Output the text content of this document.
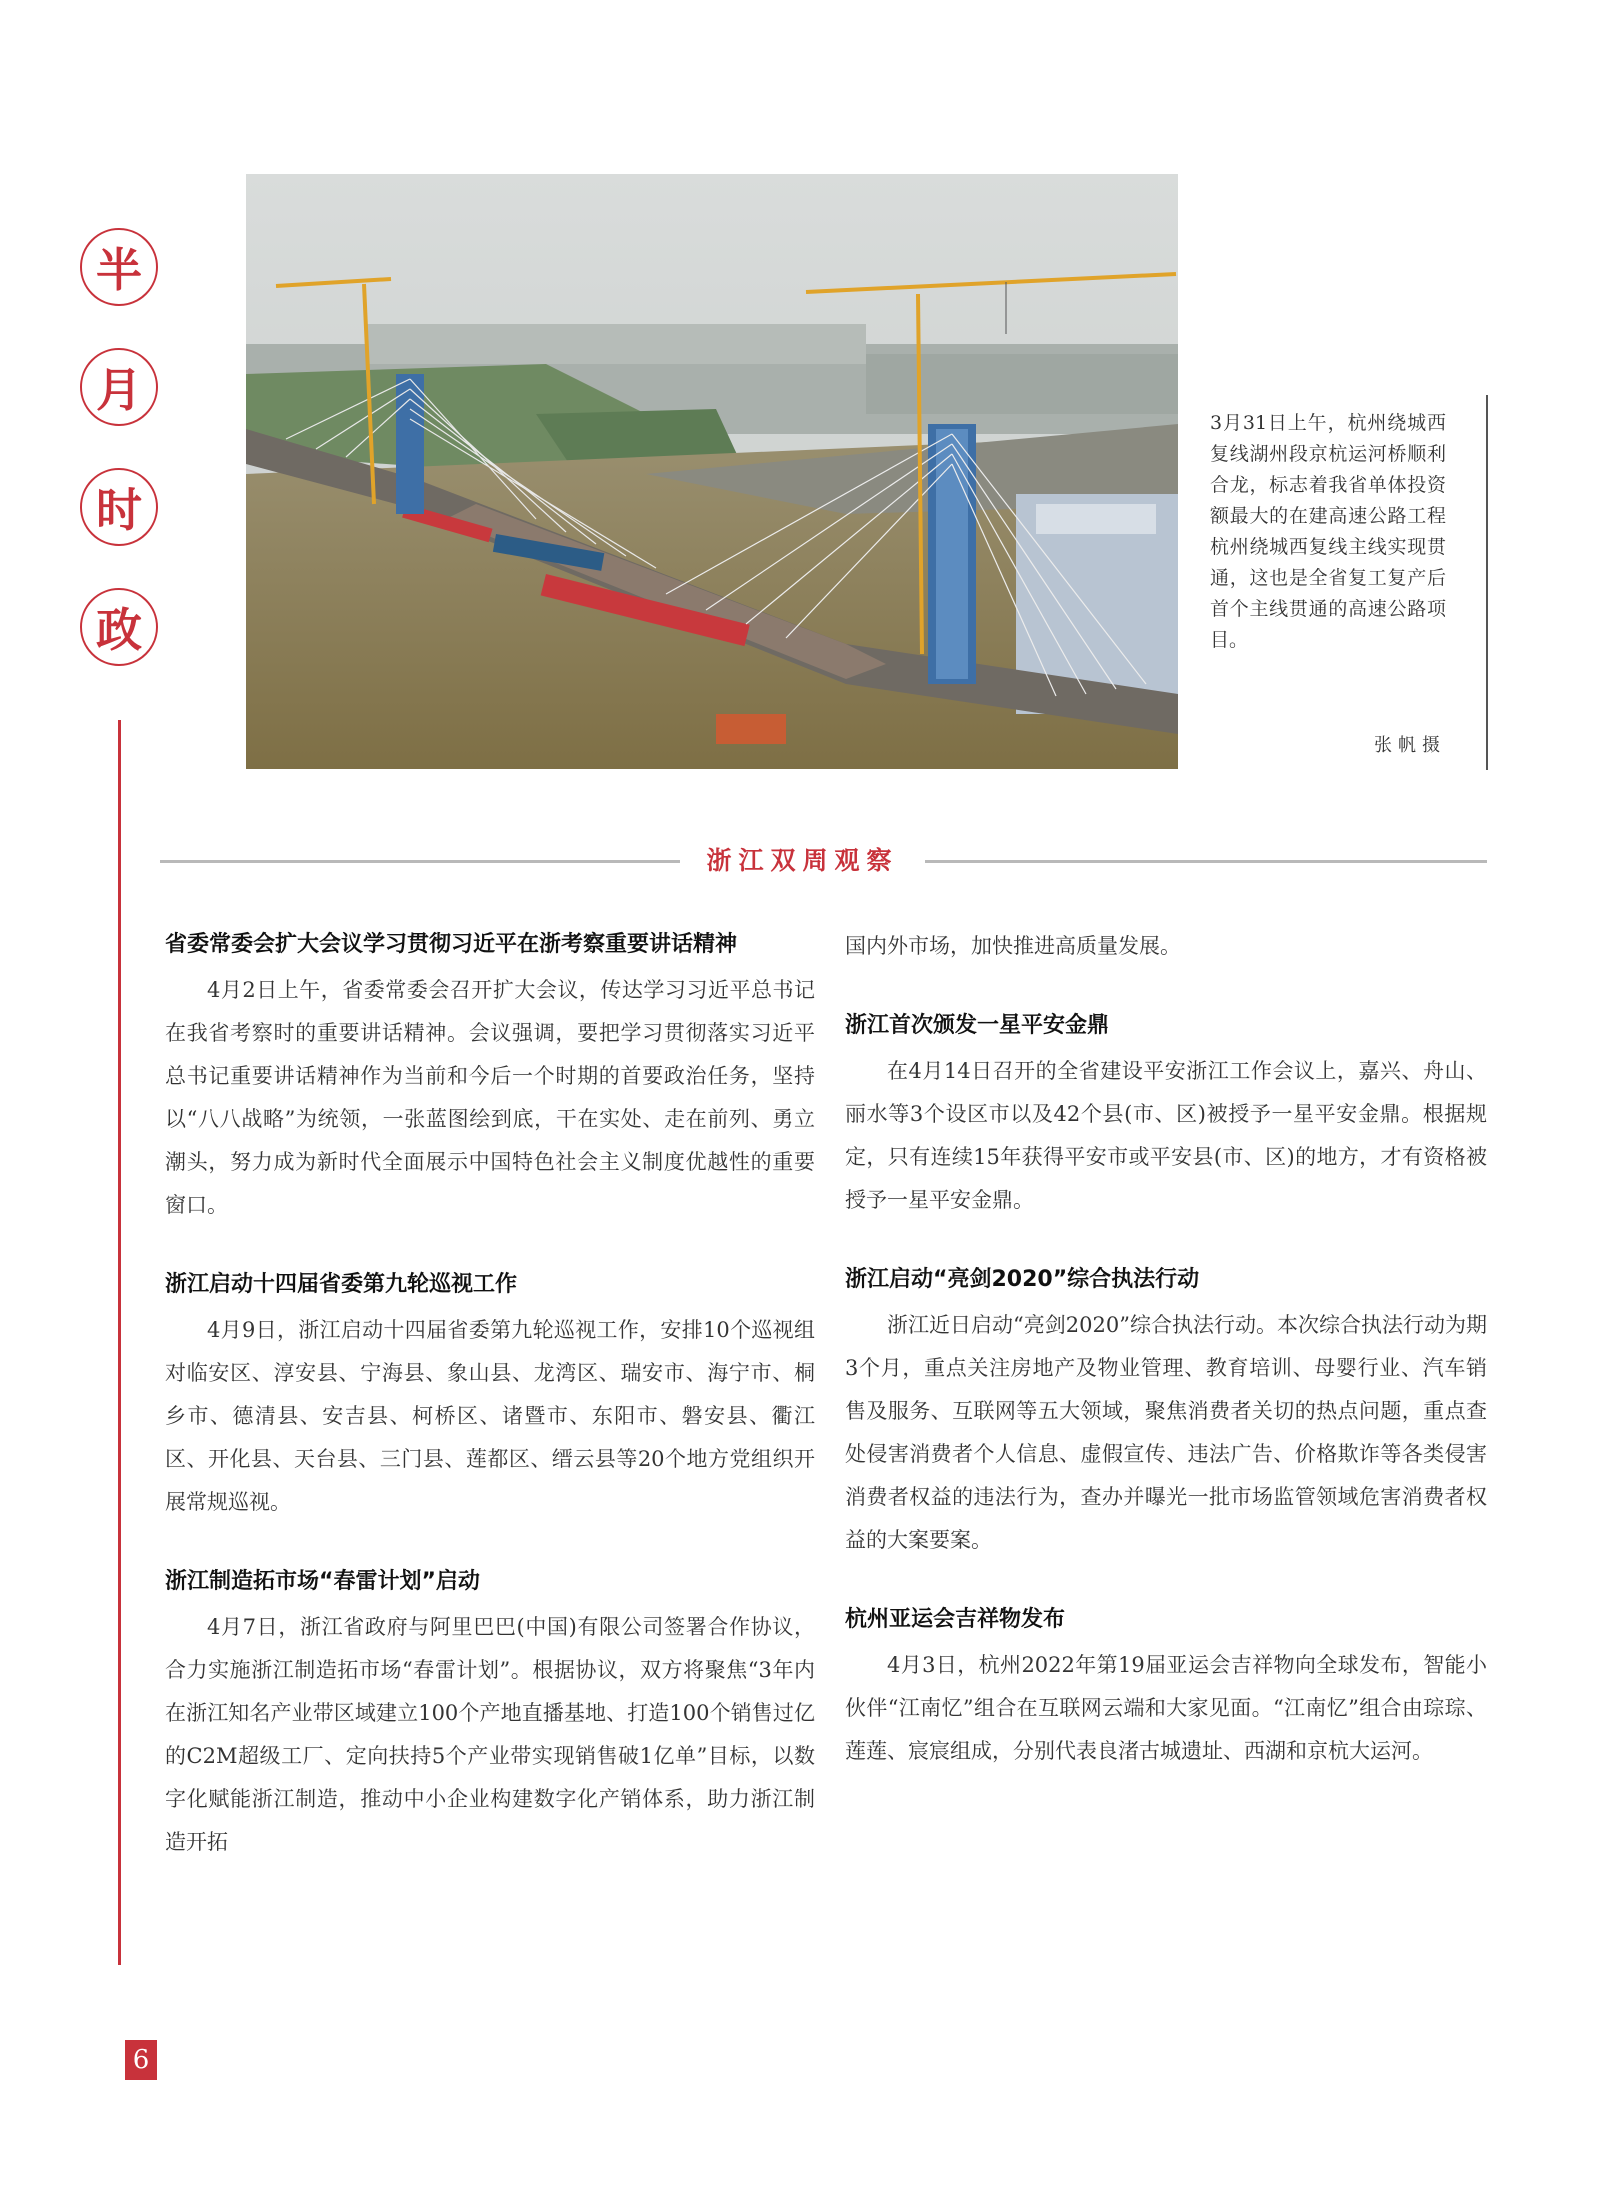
半
月
时
政
3月31日上午，杭州绕城西复线湖州段京杭运河桥顺利合龙，标志着我省单体投资额最大的在建高速公路工程杭州绕城西复线主线实现贯通，这也是全省复工复产后首个主线贯通的高速公路项目。
张帆摄
浙江双周观察
省委常委会扩大会议学习贯彻习近平在浙考察重要讲话精神
4月2日上午，省委常委会召开扩大会议，传达学习习近平总书记在我省考察时的重要讲话精神。会议强调，要把学习贯彻落实习近平总书记重要讲话精神作为当前和今后一个时期的首要政治任务，坚持以“八八战略”为统领，一张蓝图绘到底，干在实处、走在前列、勇立潮头，努力成为新时代全面展示中国特色社会主义制度优越性的重要窗口。
浙江启动十四届省委第九轮巡视工作
4月9日，浙江启动十四届省委第九轮巡视工作，安排10个巡视组对临安区、淳安县、宁海县、象山县、龙湾区、瑞安市、海宁市、桐乡市、德清县、安吉县、柯桥区、诸暨市、东阳市、磐安县、衢江区、开化县、天台县、三门县、莲都区、缙云县等20个地方党组织开展常规巡视。
浙江制造拓市场“春雷计划”启动
4月7日，浙江省政府与阿里巴巴(中国)有限公司签署合作协议，合力实施浙江制造拓市场“春雷计划”。根据协议，双方将聚焦“3年内在浙江知名产业带区域建立100个产地直播基地、打造100个销售过亿的C2M超级工厂、定向扶持5个产业带实现销售破1亿单”目标，以数字化赋能浙江制造，推动中小企业构建数字化产销体系，助力浙江制造开拓
国内外市场，加快推进高质量发展。
浙江首次颁发一星平安金鼎
在4月14日召开的全省建设平安浙江工作会议上，嘉兴、舟山、丽水等3个设区市以及42个县(市、区)被授予一星平安金鼎。根据规定，只有连续15年获得平安市或平安县(市、区)的地方，才有资格被授予一星平安金鼎。
浙江启动“亮剑2020”综合执法行动
浙江近日启动“亮剑2020”综合执法行动。本次综合执法行动为期3个月，重点关注房地产及物业管理、教育培训、母婴行业、汽车销售及服务、互联网等五大领域，聚焦消费者关切的热点问题，重点查处侵害消费者个人信息、虚假宣传、违法广告、价格欺诈等各类侵害消费者权益的违法行为，查办并曝光一批市场监管领域危害消费者权益的大案要案。
杭州亚运会吉祥物发布
4月3日，杭州2022年第19届亚运会吉祥物向全球发布，智能小伙伴“江南忆”组合在互联网云端和大家见面。“江南忆”组合由琮琮、莲莲、宸宸组成，分别代表良渚古城遗址、西湖和京杭大运河。
6
